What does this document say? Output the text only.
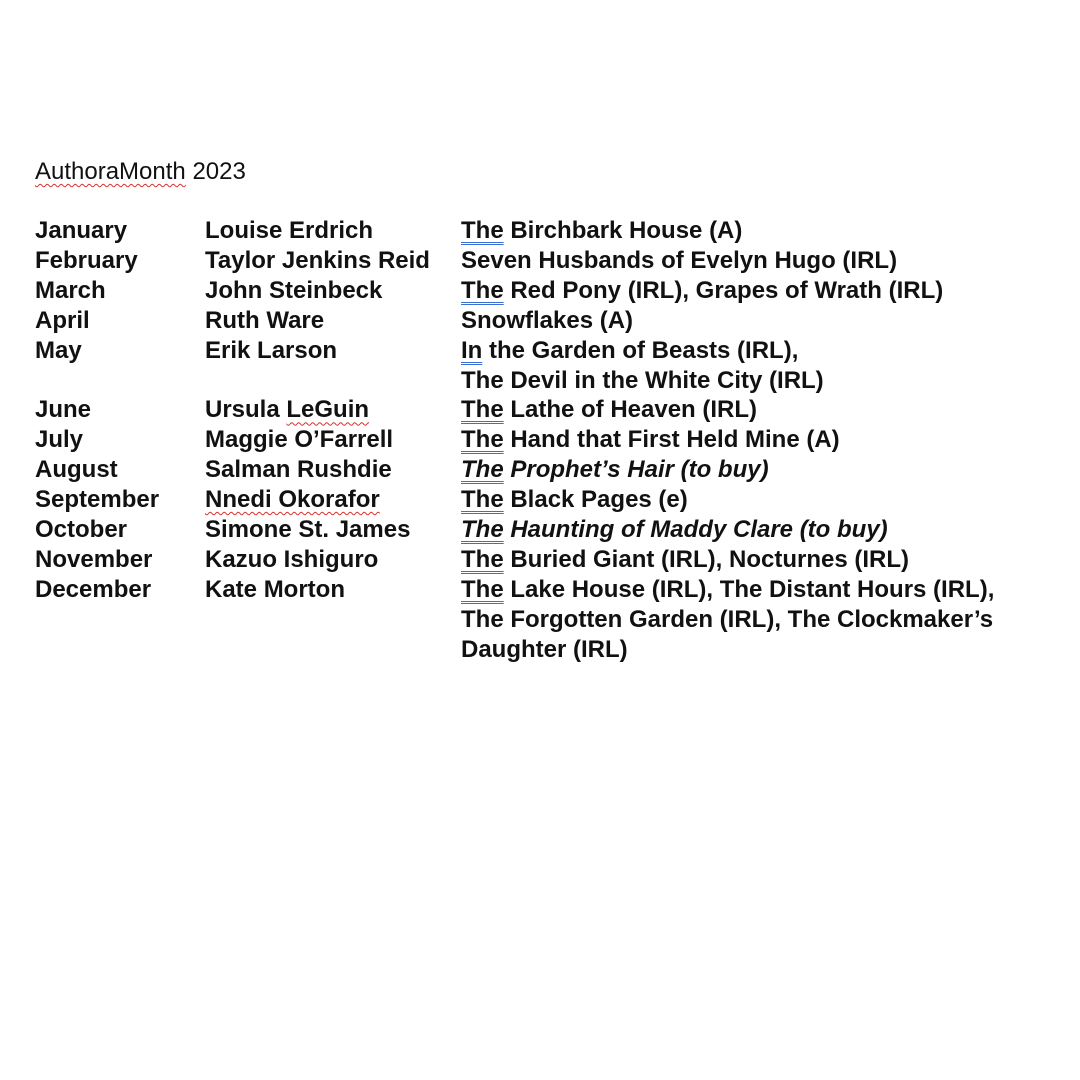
AuthoraMonth 2023
January	Louise Erdrich	The Birchbark House (A)
February	Taylor Jenkins Reid	Seven Husbands of Evelyn Hugo (IRL)
March	John Steinbeck	The Red Pony (IRL), Grapes of Wrath (IRL)
April	Ruth Ware	Snowflakes (A)
May	Erik Larson	In the Garden of Beasts (IRL),
The Devil in the White City (IRL)
June	Ursula LeGuin	The Lathe of Heaven (IRL)
July	Maggie O’Farrell	The Hand that First Held Mine (A)
August	Salman Rushdie	The Prophet’s Hair (to buy)
September	Nnedi Okorafor	The Black Pages (e)
October	Simone St. James	The Haunting of Maddy Clare (to buy)
November	Kazuo Ishiguro	The Buried Giant (IRL), Nocturnes (IRL)
December	Kate Morton	The Lake House (IRL), The Distant Hours (IRL),
The Forgotten Garden (IRL), The Clockmaker’s
Daughter (IRL)
